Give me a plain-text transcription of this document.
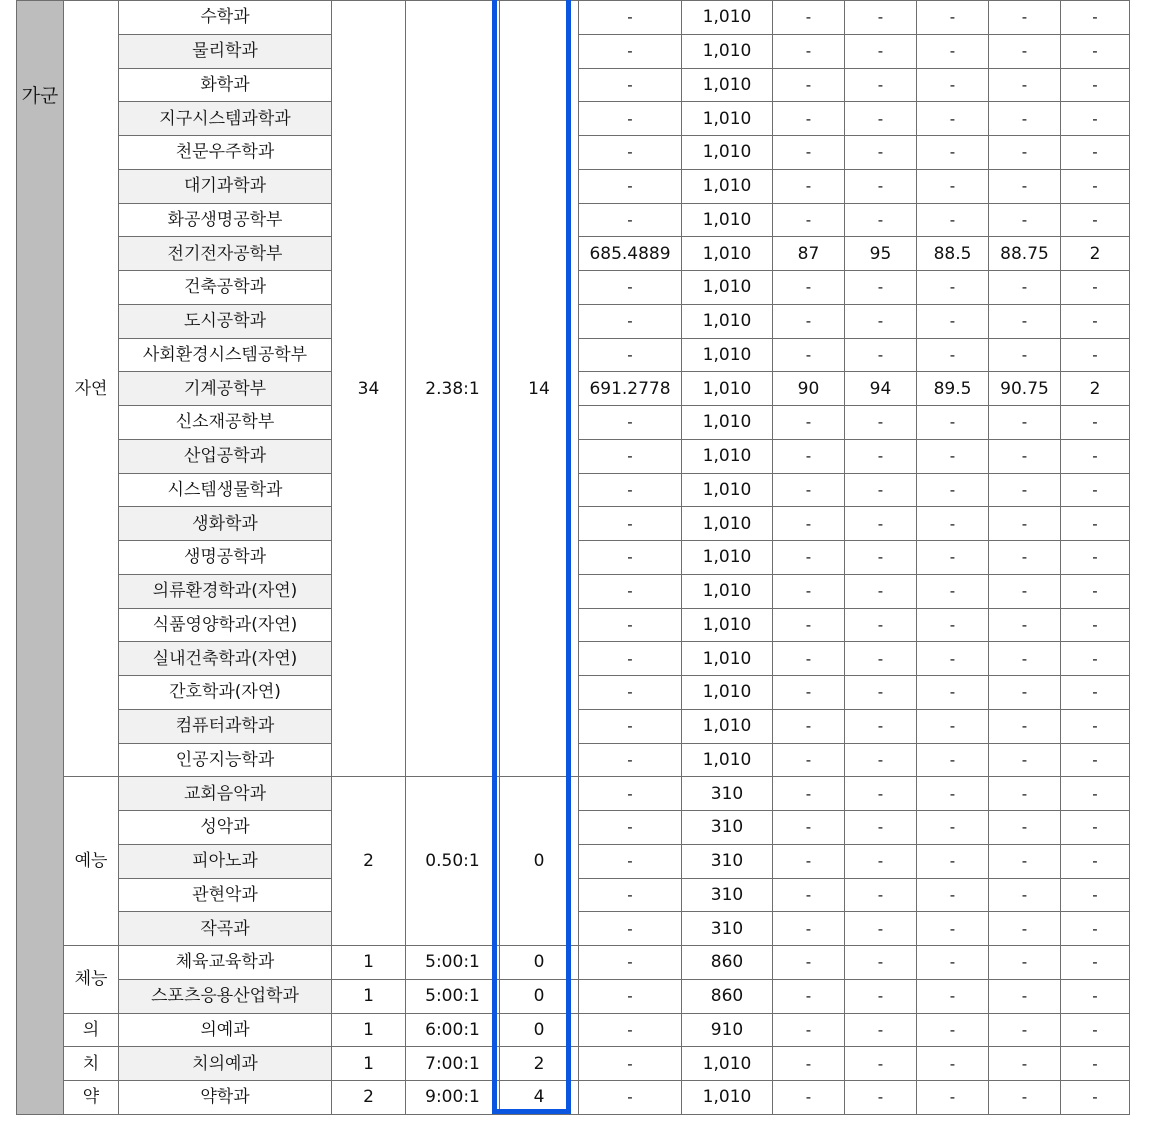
가군	자연	수학과	34	2.38:1	14	-	1,010	-	-	-	-	-
		물리학과				-	1,010	-	-	-	-	-
		화학과				-	1,010	-	-	-	-	-
		지구시스템과학과				-	1,010	-	-	-	-	-
		천문우주학과				-	1,010	-	-	-	-	-
		대기과학과				-	1,010	-	-	-	-	-
		화공생명공학부				-	1,010	-	-	-	-	-
		전기전자공학부				685.4889	1,010	87	95	88.5	88.75	2
		건축공학과				-	1,010	-	-	-	-	-
		도시공학과				-	1,010	-	-	-	-	-
		사회환경시스템공학부				-	1,010	-	-	-	-	-
		기계공학부				691.2778	1,010	90	94	89.5	90.75	2
		신소재공학부				-	1,010	-	-	-	-	-
		산업공학과				-	1,010	-	-	-	-	-
		시스템생물학과				-	1,010	-	-	-	-	-
		생화학과				-	1,010	-	-	-	-	-
		생명공학과				-	1,010	-	-	-	-	-
		의류환경학과(자연)				-	1,010	-	-	-	-	-
		식품영양학과(자연)				-	1,010	-	-	-	-	-
		실내건축학과(자연)				-	1,010	-	-	-	-	-
		간호학과(자연)				-	1,010	-	-	-	-	-
		컴퓨터과학과				-	1,010	-	-	-	-	-
		인공지능학과				-	1,010	-	-	-	-	-
	예능	교회음악과	2	0.50:1	0	-	310	-	-	-	-	-
		성악과				-	310	-	-	-	-	-
		피아노과				-	310	-	-	-	-	-
		관현악과				-	310	-	-	-	-	-
		작곡과				-	310	-	-	-	-	-
	체능	체육교육학과	1	5:00:1	0	-	860	-	-	-	-	-
		스포츠응용산업학과	1	5:00:1	0	-	860	-	-	-	-	-
	의	의예과	1	6:00:1	0	-	910	-	-	-	-	-
	치	치의예과	1	7:00:1	2	-	1,010	-	-	-	-	-
	약	약학과	2	9:00:1	4	-	1,010	-	-	-	-	-
